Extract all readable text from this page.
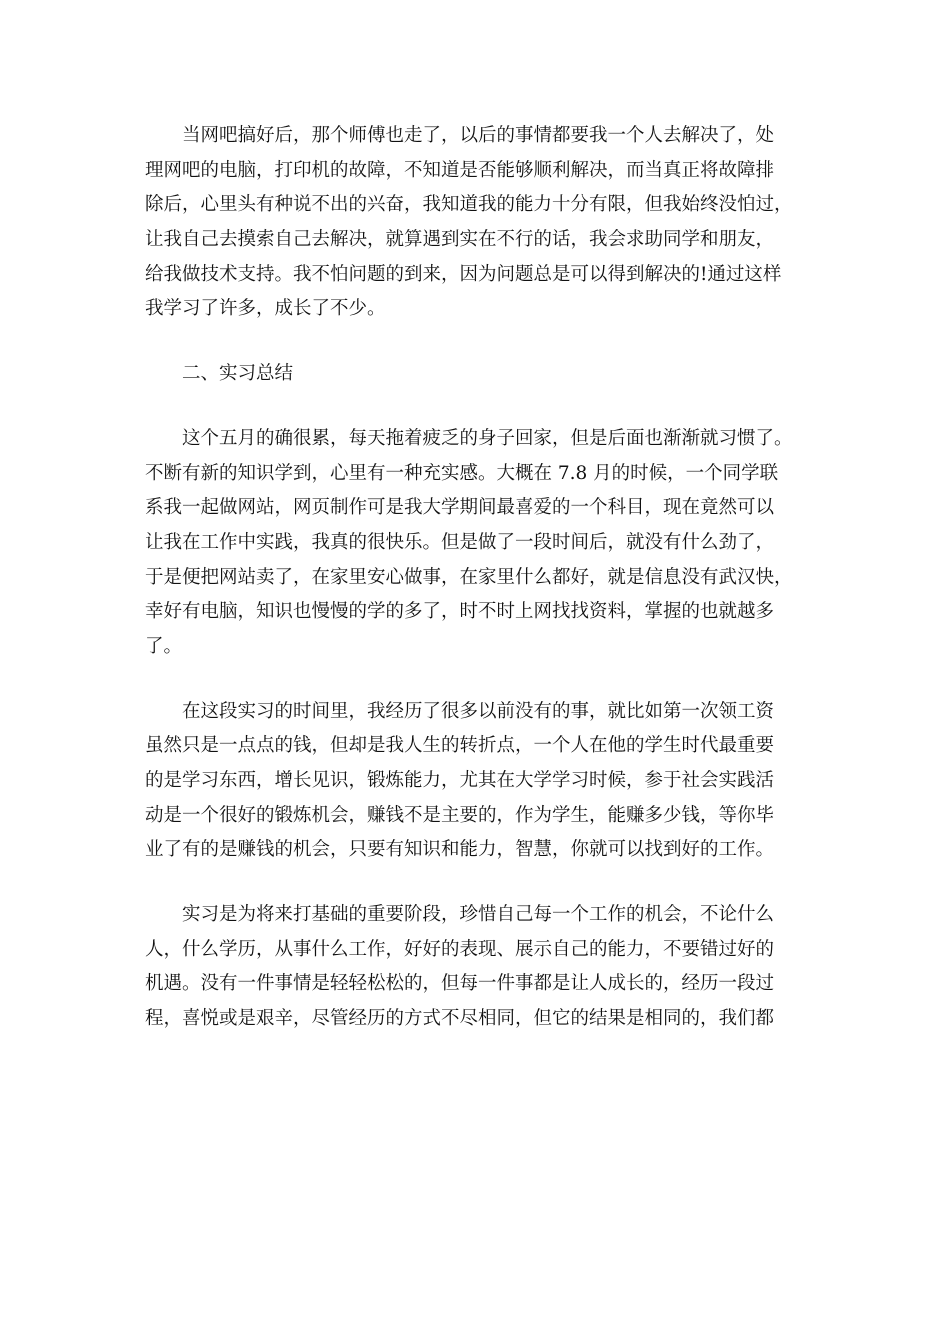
当网吧搞好后，那个师傅也走了，以后的事情都要我一个人去解决了，处
理网吧的电脑，打印机的故障，不知道是否能够顺利解决，而当真正将故障排
除后，心里头有种说不出的兴奋，我知道我的能力十分有限，但我始终没怕过，
让我自己去摸索自己去解决，就算遇到实在不行的话，我会求助同学和朋友，
给我做技术支持。我不怕问题的到来，因为问题总是可以得到解决的!通过这样
我学习了许多，成长了不少。
二、实习总结
这个五月的确很累，每天拖着疲乏的身子回家，但是后面也渐渐就习惯了。
不断有新的知识学到，心里有一种充实感。大概在 7.8 月的时候，一个同学联
系我一起做网站，网页制作可是我大学期间最喜爱的一个科目，现在竟然可以
让我在工作中实践，我真的很快乐。但是做了一段时间后，就没有什么劲了，
于是便把网站卖了，在家里安心做事，在家里什么都好，就是信息没有武汉快，
幸好有电脑，知识也慢慢的学的多了，时不时上网找找资料，掌握的也就越多
了。
在这段实习的时间里，我经历了很多以前没有的事，就比如第一次领工资
虽然只是一点点的钱，但却是我人生的转折点，一个人在他的学生时代最重要
的是学习东西，增长见识，锻炼能力，尤其在大学学习时候，参于社会实践活
动是一个很好的锻炼机会，赚钱不是主要的，作为学生，能赚多少钱，等你毕
业了有的是赚钱的机会，只要有知识和能力，智慧，你就可以找到好的工作。
实习是为将来打基础的重要阶段，珍惜自己每一个工作的机会，不论什么
人，什么学历，从事什么工作，好好的表现、展示自己的能力，不要错过好的
机遇。没有一件事情是轻轻松松的，但每一件事都是让人成长的，经历一段过
程，喜悦或是艰辛，尽管经历的方式不尽相同，但它的结果是相同的，我们都
